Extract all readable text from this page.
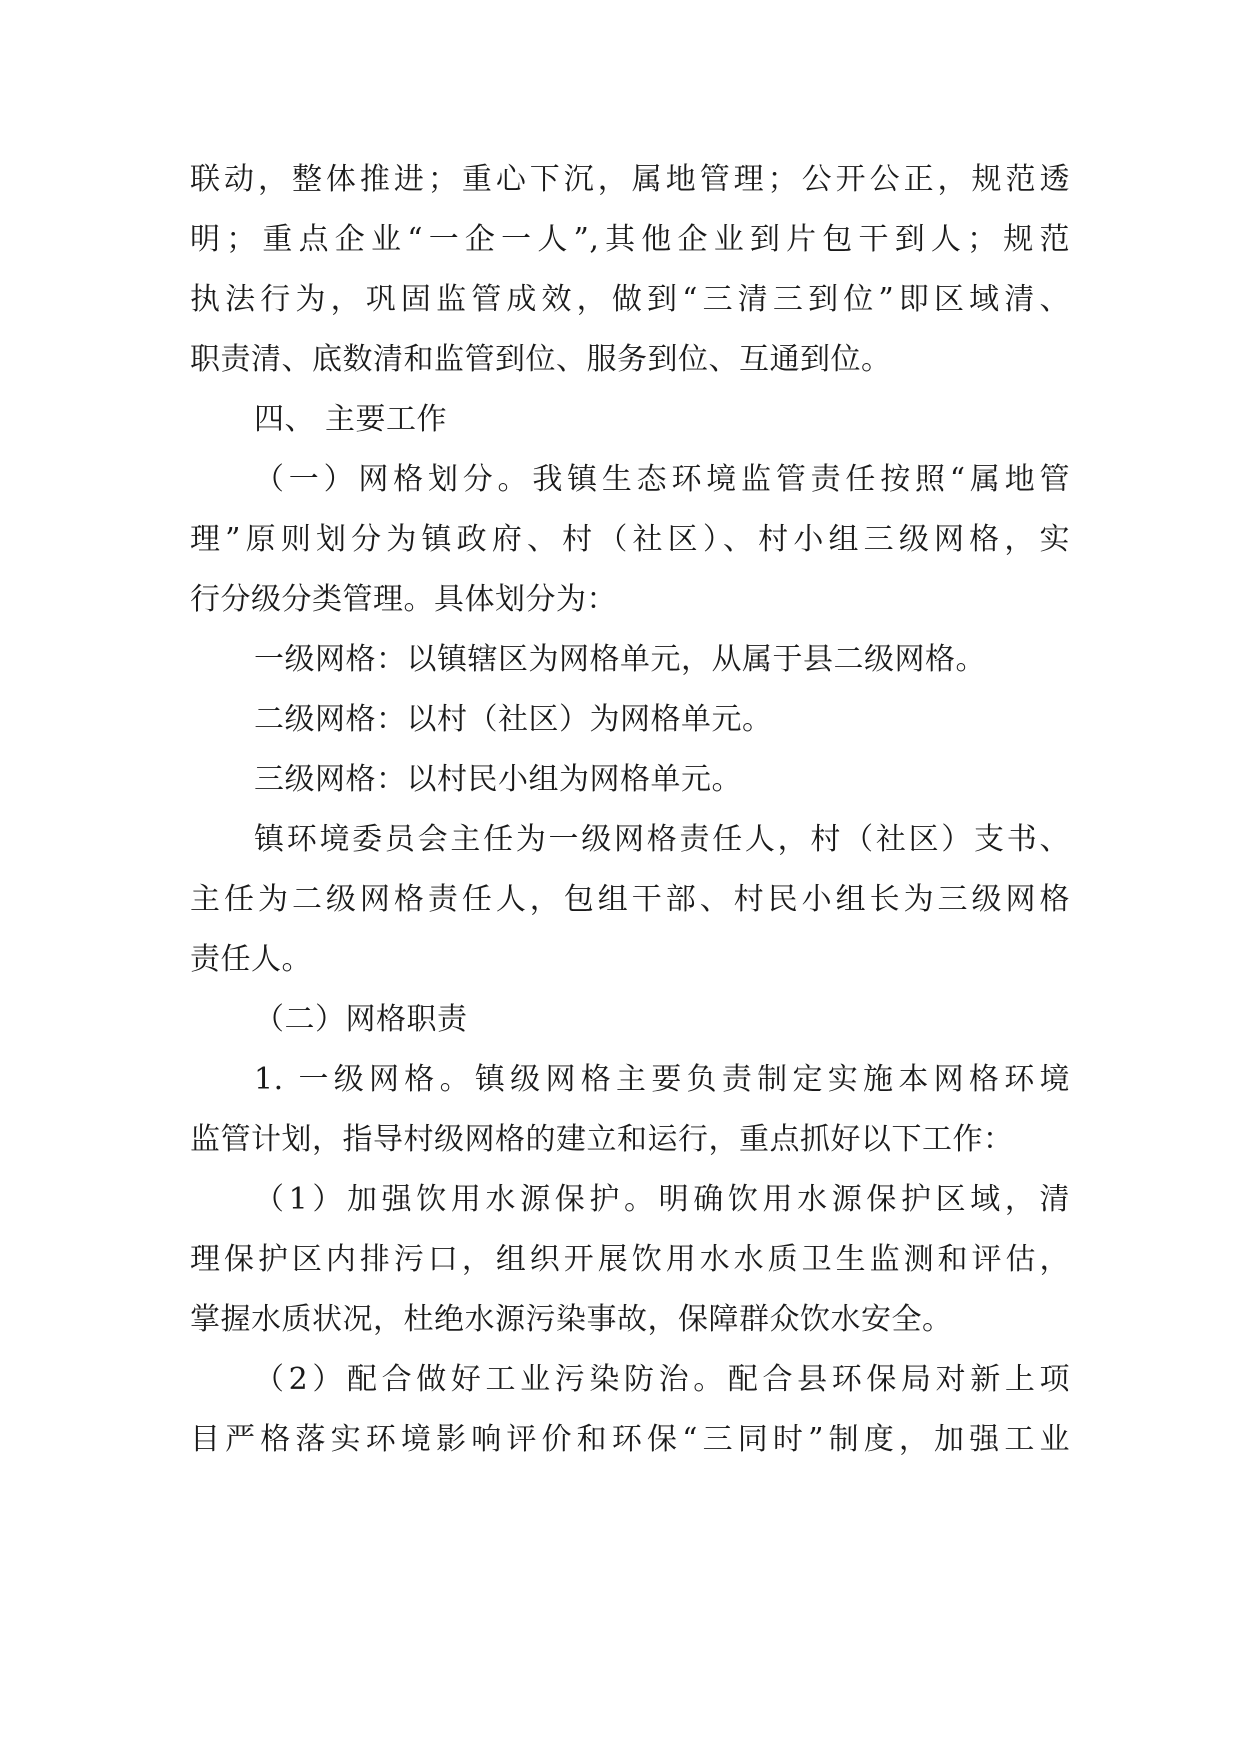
联动，整体推进；重心下沉，属地管理；公开公正，规范透
明；重点企业“一企一人”,其他企业到片包干到人；规范
执法行为，巩固监管成效，做到“三清三到位”即区域清、
职责清、底数清和监管到位、服务到位、互通到位。
四、 主要工作
（一）网格划分。我镇生态环境监管责任按照“属地管
理”原则划分为镇政府、村（社区）、村小组三级网格，实
行分级分类管理。具体划分为：
一级网格：以镇辖区为网格单元，从属于县二级网格。
二级网格：以村（社区）为网格单元。
三级网格：以村民小组为网格单元。
镇环境委员会主任为一级网格责任人，村（社区）支书、
主任为二级网格责任人，包组干部、村民小组长为三级网格
责任人。
（二）网格职责
1. 一级网格。镇级网格主要负责制定实施本网格环境
监管计划，指导村级网格的建立和运行，重点抓好以下工作：
（1）加强饮用水源保护。明确饮用水源保护区域，清
理保护区内排污口，组织开展饮用水水质卫生监测和评估，
掌握水质状况，杜绝水源污染事故，保障群众饮水安全。
（2）配合做好工业污染防治。配合县环保局对新上项
目严格落实环境影响评价和环保“三同时”制度，加强工业
